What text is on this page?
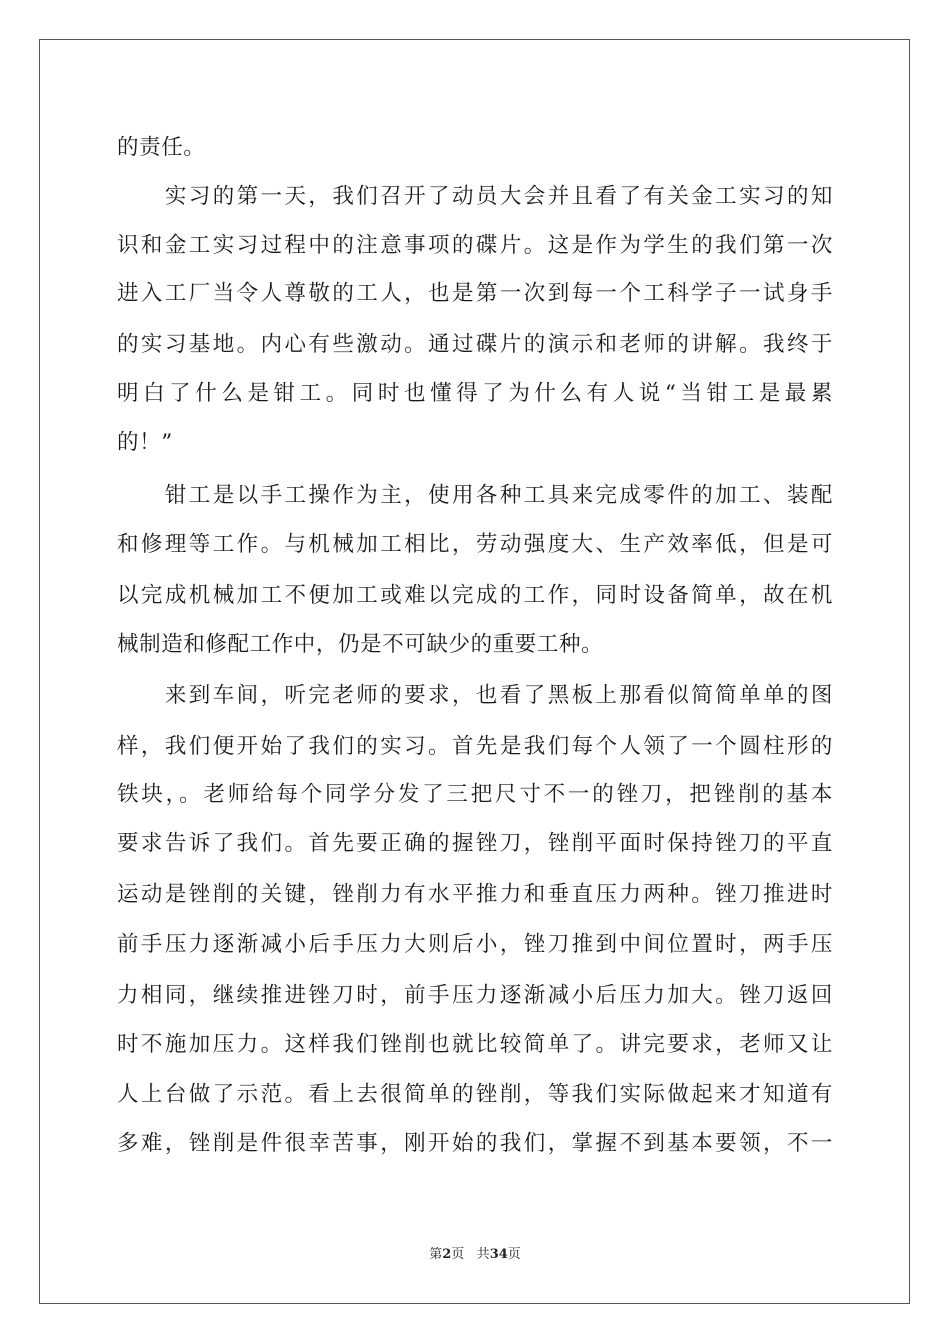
的责任。
　　实习的第一天，我们召开了动员大会并且看了有关金工实习的知
识和金工实习过程中的注意事项的碟片。这是作为学生的我们第一次
进入工厂当令人尊敬的工人，也是第一次到每一个工科学子一试身手
的实习基地。内心有些激动。通过碟片的演示和老师的讲解。我终于
明白了什么是钳工。同时也懂得了为什么有人说“当钳工是最累
的！”
　　钳工是以手工操作为主，使用各种工具来完成零件的加工、装配
和修理等工作。与机械加工相比，劳动强度大、生产效率低，但是可
以完成机械加工不便加工或难以完成的工作，同时设备简单，故在机
械制造和修配工作中，仍是不可缺少的重要工种。
　　来到车间，听完老师的要求，也看了黑板上那看似简简单单的图
样，我们便开始了我们的实习。首先是我们每个人领了一个圆柱形的
铁块，。老师给每个同学分发了三把尺寸不一的锉刀，把锉削的基本
要求告诉了我们。首先要正确的握锉刀，锉削平面时保持锉刀的平直
运动是锉削的关键，锉削力有水平推力和垂直压力两种。锉刀推进时
前手压力逐渐减小后手压力大则后小，锉刀推到中间位置时，两手压
力相同，继续推进锉刀时，前手压力逐渐减小后压力加大。锉刀返回
时不施加压力。这样我们锉削也就比较简单了。讲完要求，老师又让
人上台做了示范。看上去很简单的锉削，等我们实际做起来才知道有
多难，锉削是件很幸苦事，刚开始的我们，掌握不到基本要领，不一
第2页 共34页
